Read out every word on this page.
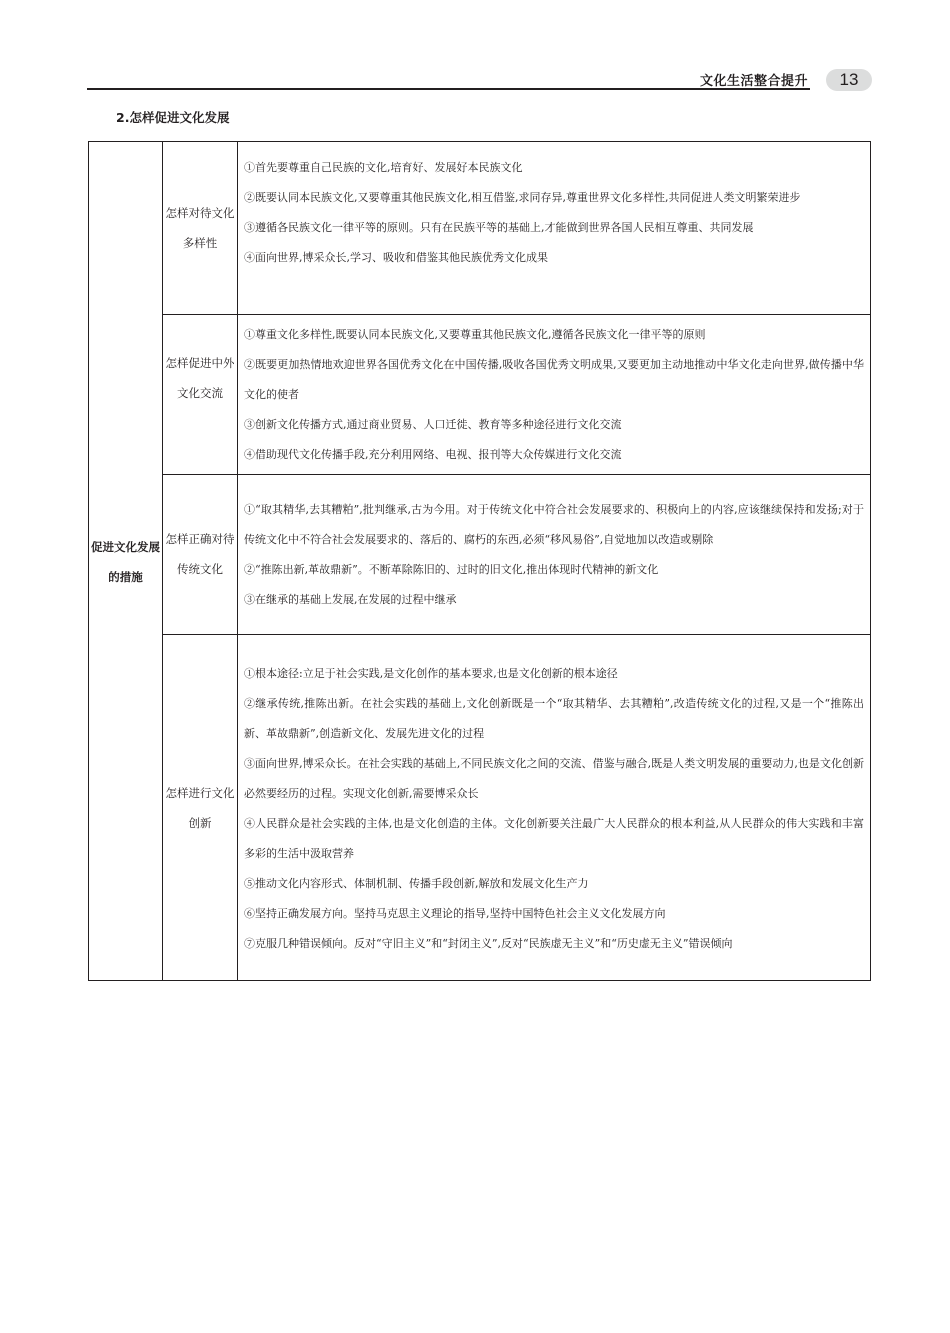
文化生活整合提升	13
2.怎样促进文化发展
促进文化发展的措施
怎样对待文化多样性

①首先要尊重自己民族的文化,培育好、发展好本民族文化

②既要认同本民族文化,又要尊重其他民族文化,相互借鉴,求同存异,尊重世界文化多样性,共同促进人类文明繁荣进步

③遵循各民族文化一律平等的原则。只有在民族平等的基础上,才能做到世界各国人民相互尊重、共同发展

④面向世界,博采众长,学习、吸收和借鉴其他民族优秀文化成果

怎样促进中外文化交流

①尊重文化多样性,既要认同本民族文化,又要尊重其他民族文化,遵循各民族文化一律平等的原则

②既要更加热情地欢迎世界各国优秀文化在中国传播,吸收各国优秀文明成果,又要更加主动地推动中华文化走向世界,做传播中华文化的使者

③创新文化传播方式,通过商业贸易、人口迁徙、教育等多种途径进行文化交流

④借助现代文化传播手段,充分利用网络、电视、报刊等大众传媒进行文化交流

怎样正确对待传统文化

①“取其精华,去其糟粕”,批判继承,古为今用。对于传统文化中符合社会发展要求的、积极向上的内容,应该继续保持和发扬;对于传统文化中不符合社会发展要求的、落后的、腐朽的东西,必须“移风易俗”,自觉地加以改造或剔除

②“推陈出新,革故鼎新”。不断革除陈旧的、过时的旧文化,推出体现时代精神的新文化

③在继承的基础上发展,在发展的过程中继承

怎样进行文化创新

①根本途径:立足于社会实践,是文化创作的基本要求,也是文化创新的根本途径

②继承传统,推陈出新。在社会实践的基础上,文化创新既是一个“取其精华、去其糟粕”,改造传统文化的过程,又是一个“推陈出新、革故鼎新”,创造新文化、发展先进文化的过程

③面向世界,博采众长。在社会实践的基础上,不同民族文化之间的交流、借鉴与融合,既是人类文明发展的重要动力,也是文化创新必然要经历的过程。实现文化创新,需要博采众长

④人民群众是社会实践的主体,也是文化创造的主体。文化创新要关注最广大人民群众的根本利益,从人民群众的伟大实践和丰富多彩的生活中汲取营养

⑤推动文化内容形式、体制机制、传播手段创新,解放和发展文化生产力

⑥坚持正确发展方向。坚持马克思主义理论的指导,坚持中国特色社会主义文化发展方向

⑦克服几种错误倾向。反对“守旧主义”和“封闭主义”,反对“民族虚无主义”和“历史虚无主义”错误倾向
